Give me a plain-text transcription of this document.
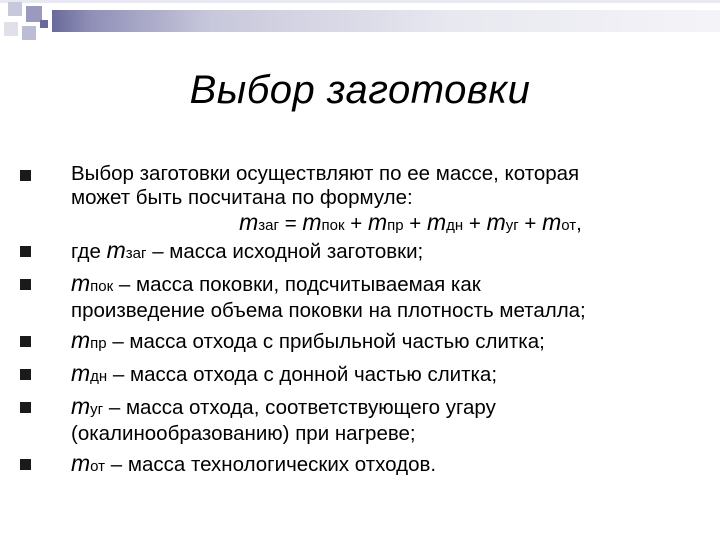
Выбор заготовки
Выбор заготовки осуществляют по ее массе, которая
может быть посчитана по формуле:
mзаг = mпок + mпр + mдн + mуг + mот,
где mзаг – масса исходной заготовки;
mпок – масса поковки, подсчитываемая как
произведение объема поковки на плотность металла;
mпр – масса отхода с прибыльной частью слитка;
mдн – масса отхода с донной частью слитка;
mуг – масса отхода, соответствующего угару
(окалинообразованию) при нагреве;
mот – масса технологических отходов.
